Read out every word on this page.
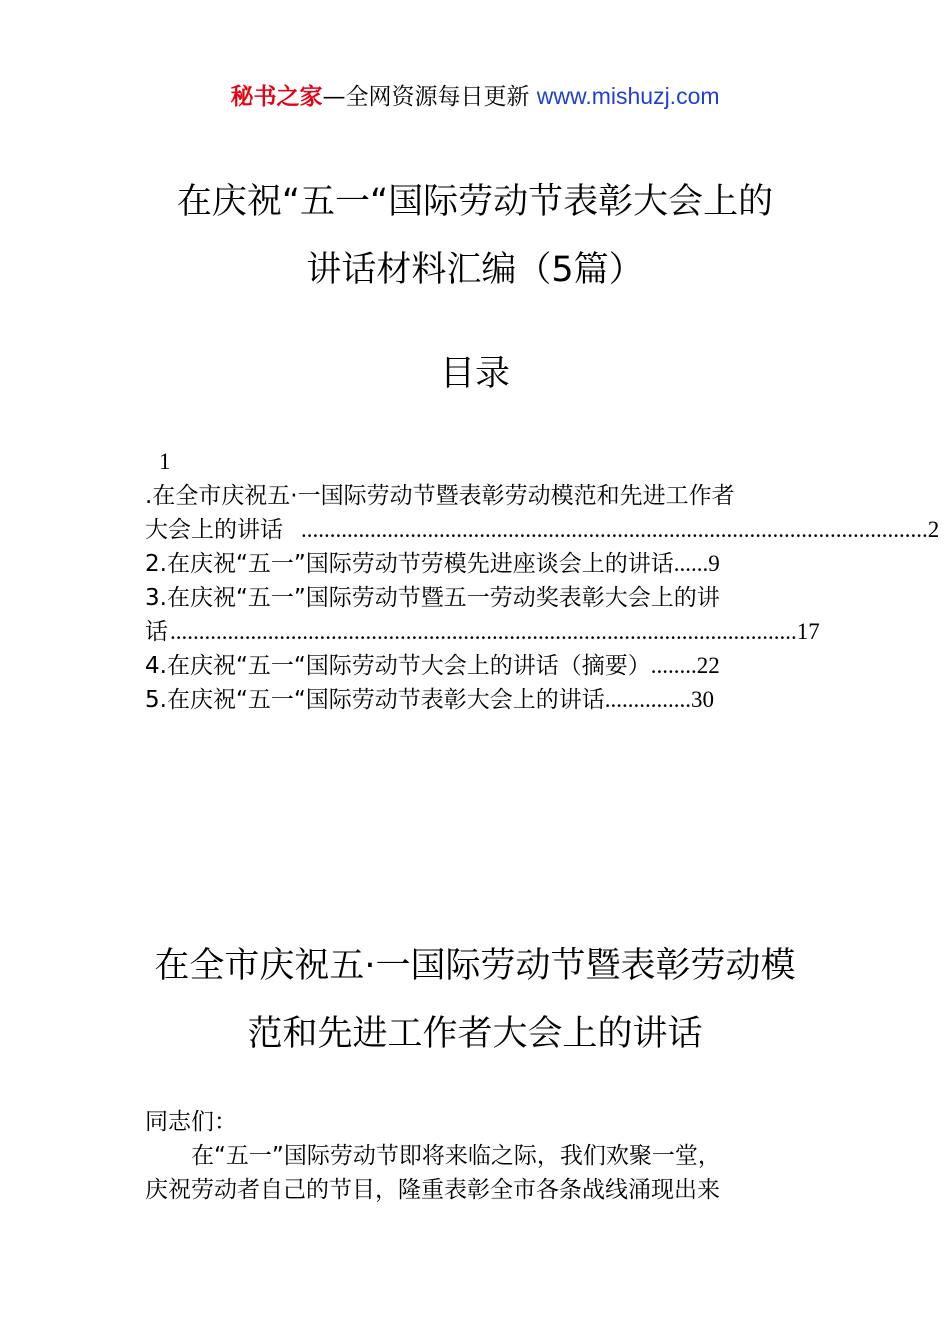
秘书之家—全网资源每日更新 www.mishuzj.com
在庆祝“五一“国际劳动节表彰大会上的
讲话材料汇编（5篇）
目录
1
.在全市庆祝五·一国际劳动节暨表彰劳动模范和先进工作者
大会上的讲话 ............................................................................................................. 2
2.在庆祝“五一”国际劳动节劳模先进座谈会上的讲话......9
3.在庆祝“五一”国际劳动节暨五一劳动奖表彰大会上的讲
话 ............................................................................................................. 17
4.在庆祝“五一“国际劳动节大会上的讲话（摘要）........22
5.在庆祝“五一“国际劳动节表彰大会上的讲话...............30
在全市庆祝五·一国际劳动节暨表彰劳动模
范和先进工作者大会上的讲话
同志们：
　　在“五一”国际劳动节即将来临之际，我们欢聚一堂，
庆祝劳动者自己的节目，隆重表彰全市各条战线涌现出来
